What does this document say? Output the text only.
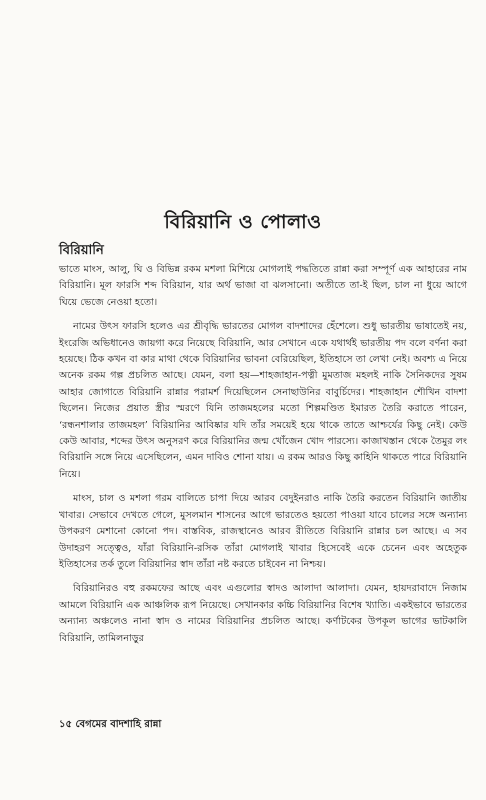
বিরিয়ানি ও পোলাও
বিরিয়ানি

ভাতে মাংস, আলু, ঘি ও বিভিন্ন রকম মশলা মিশিয়ে মোগলাই পদ্ধতিতে রান্না করা সম্পূর্ণ এক আহারের নাম বিরিয়ানি। মূল ফারসি শব্দ বিরিয়ান, যার অর্থ ভাজা বা ঝলসানো। অতীতে তা-ই ছিল, চাল না ধুয়ে আগে ঘিয়ে ভেজে নেওয়া হতো।

নামের উৎস ফারসি হলেও এর শ্রীবৃদ্ধি ভারতের মোগল বাদশাদের হেঁশেলে। শুধু ভারতীয় ভাষাতেই নয়, ইংরেজি অভিধানেও জায়গা করে নিয়েছে বিরিয়ানি, আর সেখানে একে যথার্থই ভারতীয় পদ বলে বর্ণনা করা হয়েছে। ঠিক কখন বা কার মাথা থেকে বিরিয়ানির ভাবনা বেরিয়েছিল, ইতিহাসে তা লেখা নেই। অবশ্য এ নিয়ে অনেক রকম গল্প প্রচলিত আছে। যেমন, বলা হয়—শাহজাহান-পত্নী মুমতাজ মহলই নাকি সৈনিকদের সুষম আহার জোগাতে বিরিয়ানি রান্নার পরামর্শ দিয়েছিলেন সেনাছাউনির বাবুর্চিদের। শাহজাহান শৌখিন বাদশা ছিলেন। নিজের প্রয়াত স্ত্রীর স্মরণে যিনি তাজমহলের মতো শিল্পমণ্ডিত ইমারত তৈরি করাতে পারেন, ‘রন্ধনশালার তাজমহল’ বিরিয়ানির আবিষ্কার যদি তাঁর সময়েই হয়ে থাকে তাতে আশ্চর্যের কিছু নেই। কেউ কেউ আবার, শব্দের উৎস অনুসরণ করে বিরিয়ানির জন্ম খোঁজেন খোদ পারস্যে। কাজাখস্তান থেকে তৈমুর লং বিরিয়ানি সঙ্গে নিয়ে এসেছিলেন, এমন দাবিও শোনা যায়। এ রকম আরও কিছু কাহিনি থাকতে পারে বিরিয়ানি নিয়ে।

মাংস, চাল ও মশলা গরম বালিতে চাপা দিয়ে আরব বেদুইনরাও নাকি তৈরি করতেন বিরিয়ানি জাতীয় খাবার। সেভাবে দেখতে গেলে, মুসলমান শাসনের আগে ভারতেও হয়তো পাওয়া যাবে চালের সঙ্গে অন্যান্য উপকরণ মেশানো কোনো পদ। বাস্তবিক, রাজস্থানেও আরব রীতিতে বিরিয়ানি রান্নার চল আছে। এ সব উদাহরণ সত্ত্বেও, যাঁরা বিরিয়ানি-রসিক তাঁরা মোগলাই খাবার হিসেবেই একে চেনেন এবং অহেতুক ইতিহাসের তর্ক তুলে বিরিয়ানির স্বাদ তাঁরা নষ্ট করতে চাইবেন না নিশ্চয়।

বিরিয়ানিরও বহু রকমফের আছে এবং এগুলোর স্বাদও আলাদা আলাদা। যেমন, হায়দরাবাদে নিজাম আমলে বিরিয়ানি এক আঞ্চলিক রূপ নিয়েছে। সেখানকার কচ্চি বিরিয়ানির বিশেষ খ্যাতি। একইভাবে ভারতের অন্যান্য অঞ্চলেও নানা স্বাদ ও নামের বিরিয়ানির প্রচলিত আছে। কর্ণাটকের উপকূল ভাগের ভাটকালি বিরিয়ানি, তামিলনাড়ুর

১৫ বেগমের বাদশাহি রান্না
